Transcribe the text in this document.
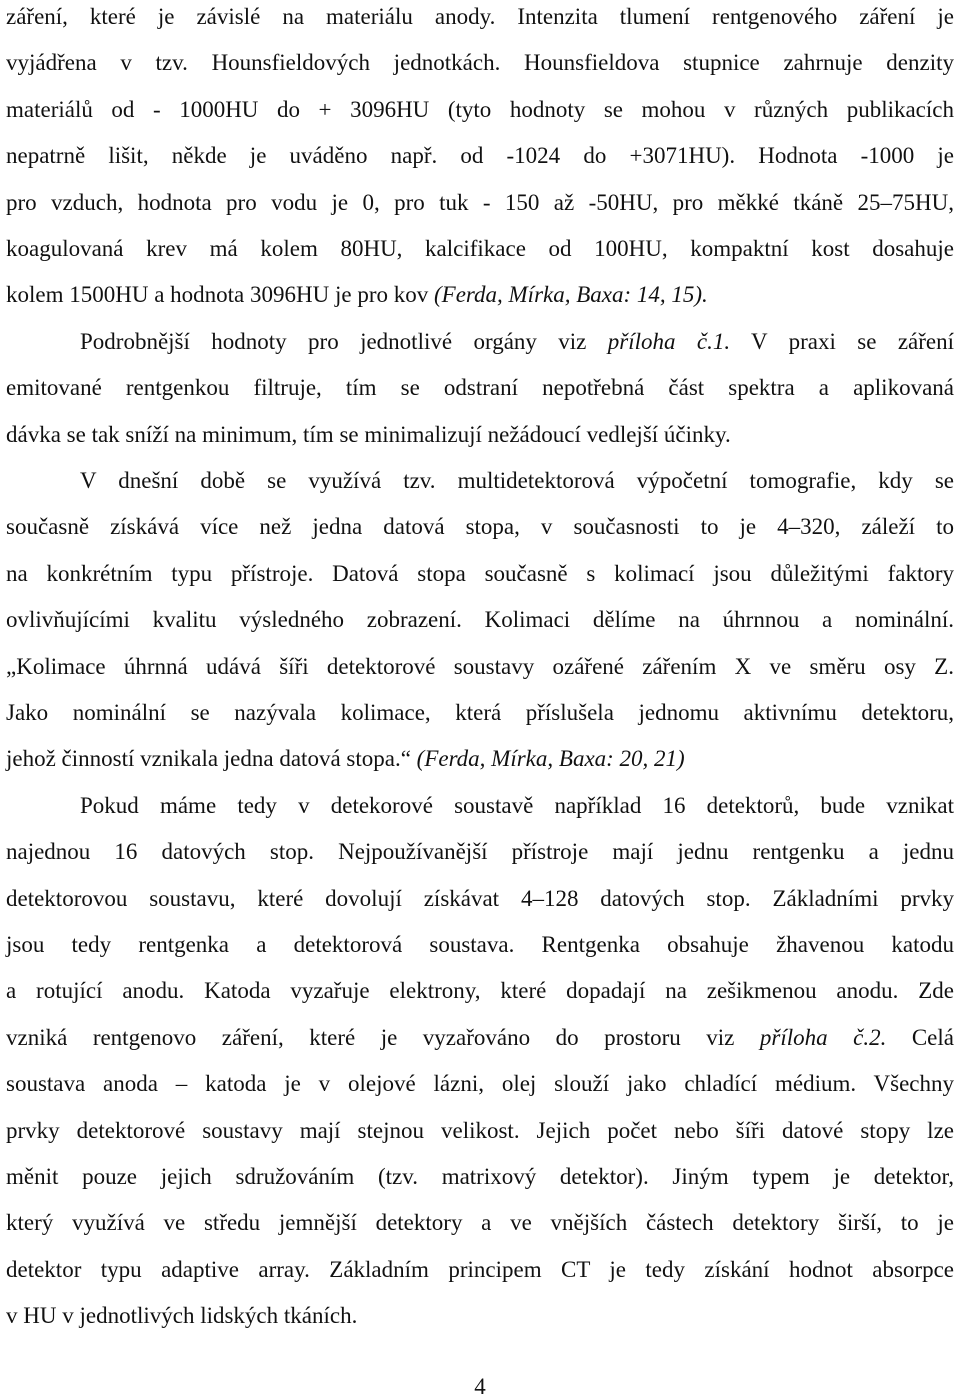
záření, které je závislé na materiálu anody. Intenzita tlumení rentgenového záření je
vyjádřena v tzv. Hounsfieldových jednotkách. Hounsfieldova stupnice zahrnuje denzity
materiálů od - 1000HU do + 3096HU (tyto hodnoty se mohou v různých publikacích
nepatrně lišit, někde je uváděno např. od -1024 do +3071HU). Hodnota -1000 je
pro vzduch, hodnota pro vodu je 0, pro tuk - 150 až -50HU, pro měkké tkáně 25–75HU,
koagulovaná krev má kolem 80HU, kalcifikace od 100HU, kompaktní kost dosahuje
kolem 1500HU a hodnota 3096HU je pro kov (Ferda, Mírka, Baxa: 14, 15).
Podrobnější hodnoty pro jednotlivé orgány viz příloha č.1. V praxi se záření
emitované rentgenkou filtruje, tím se odstraní nepotřebná část spektra a aplikovaná
dávka se tak sníží na minimum, tím se minimalizují nežádoucí vedlejší účinky.
V dnešní době se využívá tzv. multidetektorová výpočetní tomografie, kdy se
současně získává více než jedna datová stopa, v současnosti to je 4–320, záleží to
na konkrétním typu přístroje. Datová stopa současně s kolimací jsou důležitými faktory
ovlivňujícími kvalitu výsledného zobrazení. Kolimaci dělíme na úhrnnou a nominální.
„Kolimace úhrnná udává šíři detektorové soustavy ozářené zářením X ve směru osy Z.
Jako nominální se nazývala kolimace, která příslušela jednomu aktivnímu detektoru,
jehož činností vznikala jedna datová stopa.“ (Ferda, Mírka, Baxa: 20, 21)
Pokud máme tedy v detekorové soustavě například 16 detektorů, bude vznikat
najednou 16 datových stop. Nejpoužívanější přístroje mají jednu rentgenku a jednu
detektorovou soustavu, které dovolují získávat 4–128 datových stop. Základními prvky
jsou tedy rentgenka a detektorová soustava. Rentgenka obsahuje žhavenou katodu
a rotující anodu. Katoda vyzařuje elektrony, které dopadají na zešikmenou anodu. Zde
vzniká rentgenovo záření, které je vyzařováno do prostoru viz příloha č.2. Celá
soustava anoda – katoda je v olejové lázni, olej slouží jako chladící médium. Všechny
prvky detektorové soustavy mají stejnou velikost. Jejich počet nebo šíři datové stopy lze
měnit pouze jejich sdružováním (tzv. matrixový detektor). Jiným typem je detektor,
který využívá ve středu jemnější detektory a ve vnějších částech detektory širší, to je
detektor typu adaptive array. Základním principem CT je tedy získání hodnot absorpce
v HU v jednotlivých lidských tkáních.
4
